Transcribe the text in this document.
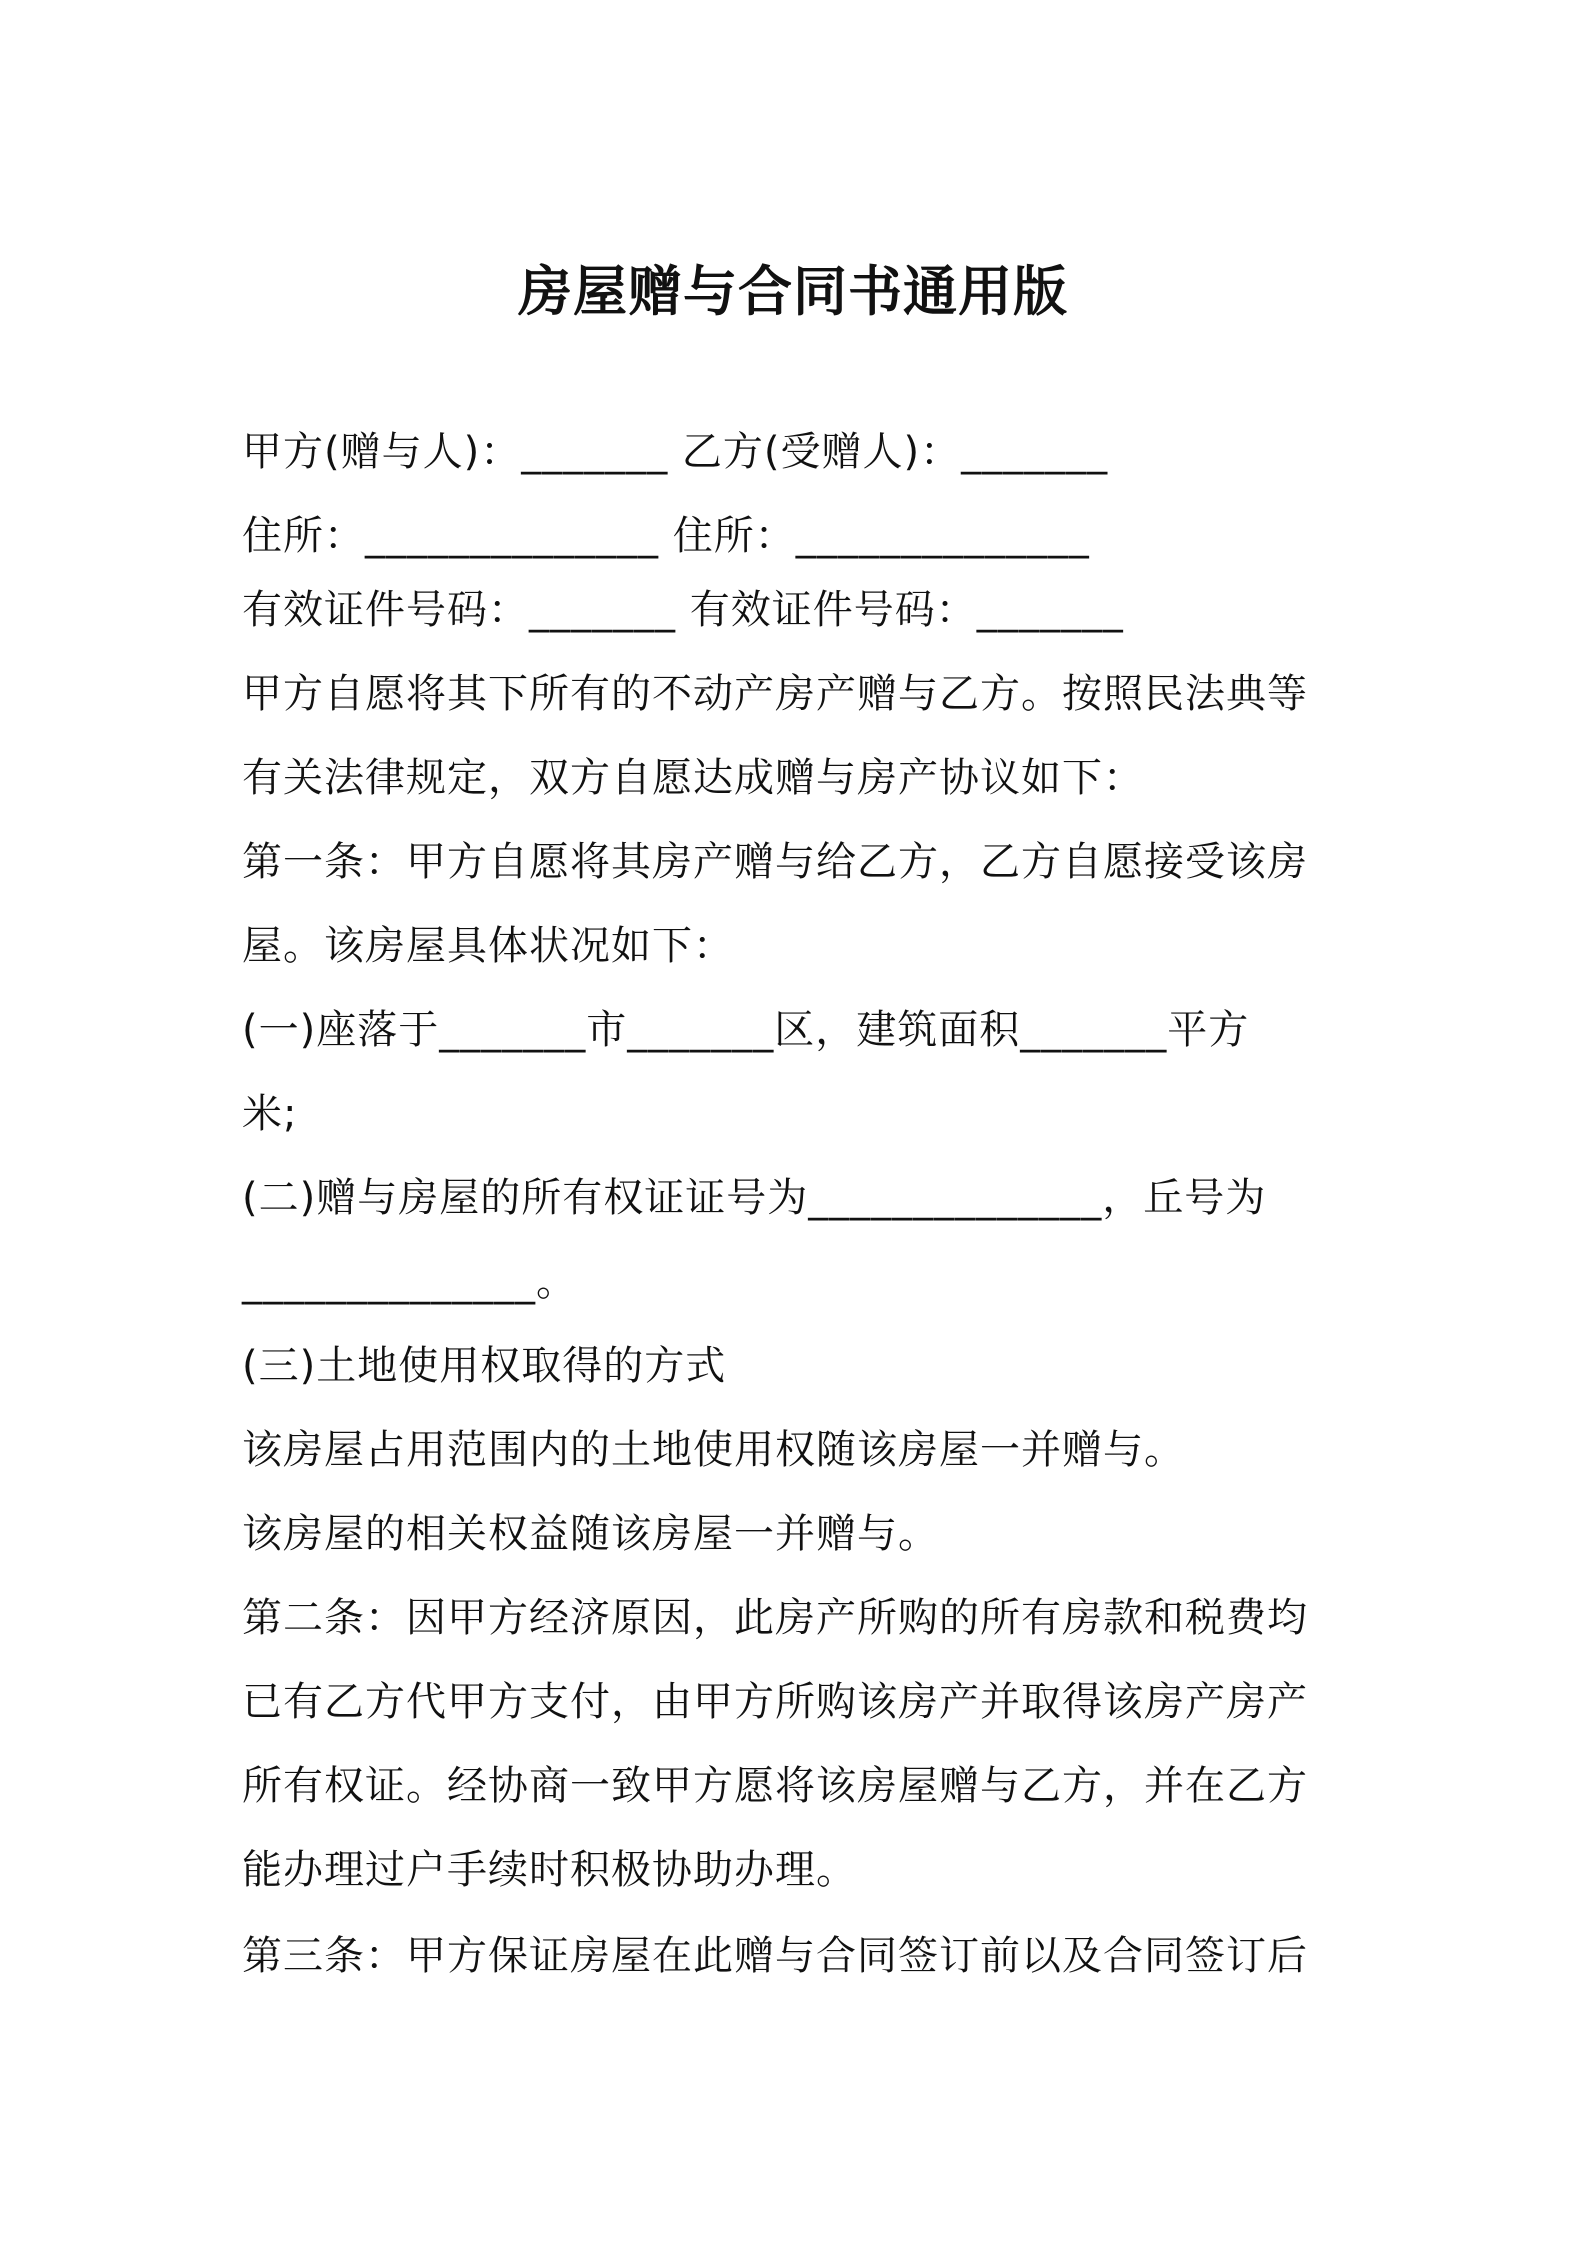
房屋赠与合同书通用版
甲方(赠与人)：_______ 乙方(受赠人)：_______
住所：______________ 住所：______________
有效证件号码：_______ 有效证件号码：_______
甲方自愿将其下所有的不动产房产赠与乙方。按照民法典等
有关法律规定，双方自愿达成赠与房产协议如下：
第一条：甲方自愿将其房产赠与给乙方，乙方自愿接受该房
屋。该房屋具体状况如下：
(一)座落于_______市_______区，建筑面积_______平方
米;
(二)赠与房屋的所有权证证号为______________，丘号为
______________。
(三)土地使用权取得的方式
该房屋占用范围内的土地使用权随该房屋一并赠与。
该房屋的相关权益随该房屋一并赠与。
第二条：因甲方经济原因，此房产所购的所有房款和税费均
已有乙方代甲方支付，由甲方所购该房产并取得该房产房产
所有权证。经协商一致甲方愿将该房屋赠与乙方，并在乙方
能办理过户手续时积极协助办理。
第三条：甲方保证房屋在此赠与合同签订前以及合同签订后
